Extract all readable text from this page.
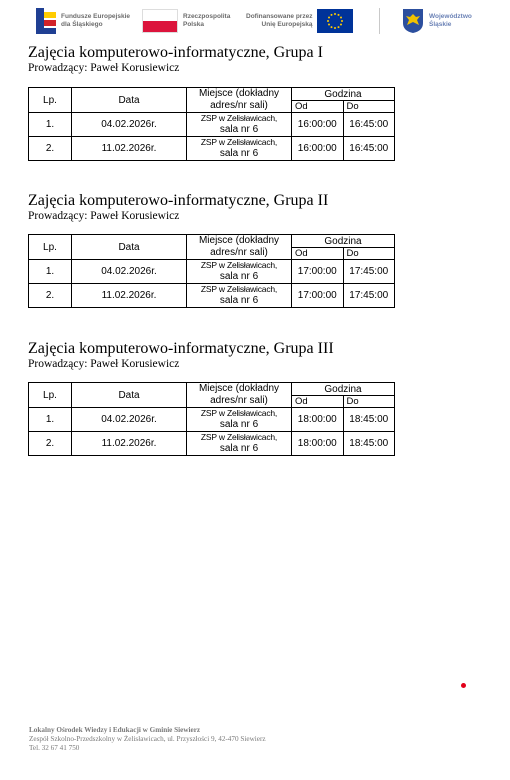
Fundusze Europejskie
dla Śląskiego
Rzeczpospolita
Polska
Dofinansowane przez
Unię Europejską
Województwo
Śląskie

Zajęcia komputerowo-informatyczne, Grupa I

Prowadzący: Paweł Korusiewicz

Lp.	Data	Miejsce (dokładny adres/nr sali)	Godzina	
			Od	Do
1.	04.02.2026r.	ZSP w Zelisławicach,
sala nr 6	16:00:00	16:45:00
2.	11.02.2026r.	ZSP w Zelisławicach,
sala nr 6	16:00:00	16:45:00

Zajęcia komputerowo-informatyczne, Grupa II

Prowadzący: Paweł Korusiewicz

Lp.	Data	Miejsce (dokładny adres/nr sali)	Godzina	
			Od	Do
1.	04.02.2026r.	ZSP w Zelisławicach,
sala nr 6	17:00:00	17:45:00
2.	11.02.2026r.	ZSP w Zelisławicach,
sala nr 6	17:00:00	17:45:00

Zajęcia komputerowo-informatyczne, Grupa III

Prowadzący: Paweł Korusiewicz

Lp.	Data	Miejsce (dokładny adres/nr sali)	Godzina	
			Od	Do
1.	04.02.2026r.	ZSP w Zelisławicach,
sala nr 6	18:00:00	18:45:00
2.	11.02.2026r.	ZSP w Zelisławicach,
sala nr 6	18:00:00	18:45:00
Lokalny Ośrodek Wiedzy i Edukacji w Gminie Siewierz
Zespół Szkolno-Przedszkolny w Żelisławicach, ul. Przyszłości 9, 42-470 Siewierz
Tel. 32 67 41 750
